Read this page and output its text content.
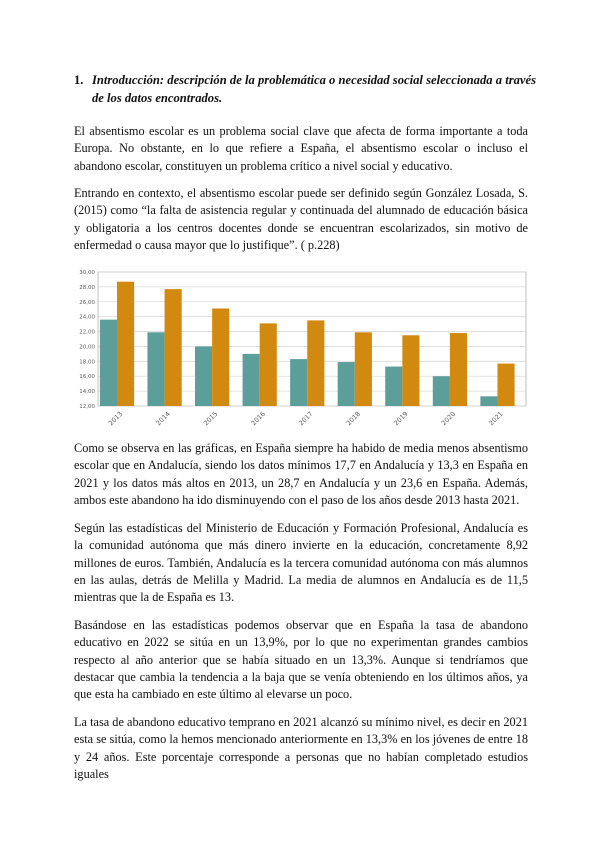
1. Introducción: descripción de la problemática o necesidad social seleccionada a través de los datos encontrados.

El absentismo escolar es un problema social clave que afecta de forma importante a toda Europa. No obstante, en lo que refiere a España, el absentismo escolar o incluso el abandono escolar, constituyen un problema crítico a nivel social y educativo.

Entrando en contexto, el absentismo escolar puede ser definido según González Losada, S. (2015) como “la falta de asistencia regular y continuada del alumnado de educación básica y obligatoria a los centros docentes donde se encuentran escolarizados, sin motivo de enfermedad o causa mayor que lo justifique”. ( p.228)

12,00
14,00
16,00
18,00
20,00
22,00
24,00
26,00
28,00
30,00
2013	2014	2015	2016	2017	2018	2019	2020	2021

Como se observa en las gráficas, en España siempre ha habido de media menos absentismo escolar que en Andalucía, siendo los datos mínimos 17,7 en Andalucía y 13,3 en España en 2021 y los datos más altos en 2013, un 28,7 en Andalucía y un 23,6 en España. Además, ambos este abandono ha ido disminuyendo con el paso de los años desde 2013 hasta 2021.

Según las estadísticas del Ministerio de Educación y Formación Profesional, Andalucía es la comunidad autónoma que más dinero invierte en la educación, concretamente 8,92 millones de euros. También, Andalucía es la tercera comunidad autónoma con más alumnos en las aulas, detrás de Melilla y Madrid. La media de alumnos en Andalucía es de 11,5 mientras que la de España es 13.

Basándose en las estadísticas podemos observar que en España la tasa de abandono educativo en 2022 se sitúa en un 13,9%, por lo que no experimentan grandes cambios respecto al año anterior que se había situado en un 13,3%. Aunque si tendríamos que destacar que cambia la tendencia a la baja que se venía obteniendo en los últimos años, ya que esta ha cambiado en este último al elevarse un poco.

La tasa de abandono educativo temprano en 2021 alcanzó su mínimo nivel, es decir en 2021 esta se sitúa, como la hemos mencionado anteriormente en 13,3% en los jóvenes de entre 18 y 24 años. Este porcentaje corresponde a personas que no habían completado estudios iguales
